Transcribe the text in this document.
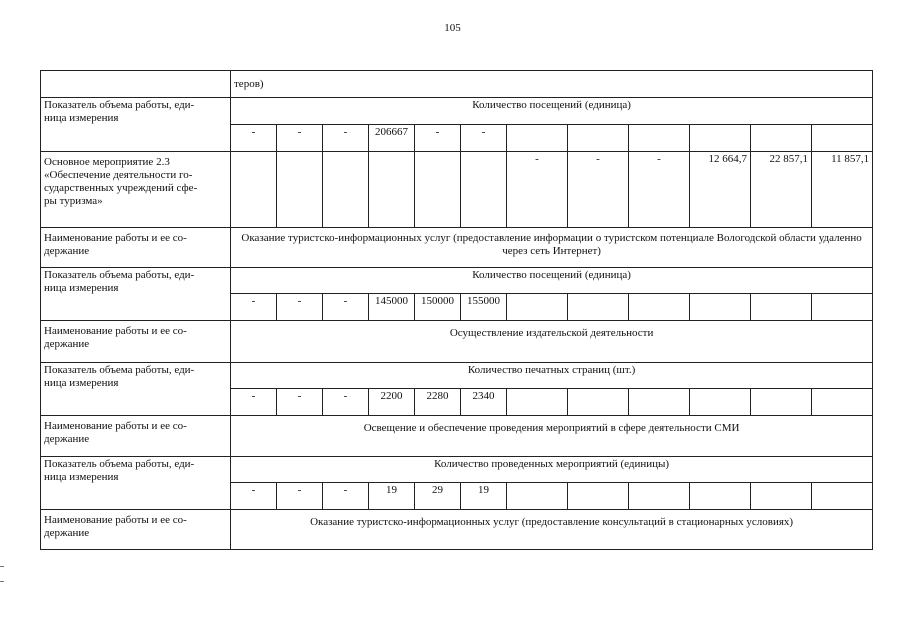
105
	теров)											
Показатель объема работы, еди-
ница измерения	Количество посещений (единица)											
	-	-	-	206667	-	-						
Основное мероприятие 2.3
«Обеспечение деятельности го-
сударственных учреждений сфе-
ры туризма»							-	-	-	12 664,7	22 857,1	11 857,1
Наименование работы и ее со-
держание	Оказание туристско-информационных услуг (предоставление информации о туристском потенциале Вологодской области удаленно через сеть Интернет)											
Показатель объема работы, еди-
ница измерения	Количество посещений (единица)											
	-	-	-	145000	150000	155000						
Наименование работы и ее со-
держание	Осуществление издательской деятельности											
Показатель объема работы, еди-
ница измерения	Количество печатных страниц (шт.)											
	-	-	-	2200	2280	2340						
Наименование работы и ее со-
держание	Освещение и обеспечение проведения мероприятий в сфере деятельности СМИ											
Показатель объема работы, еди-
ница измерения	Количество проведенных мероприятий (единицы)											
	-	-	-	19	29	19						
Наименование работы и ее со-
держание	Оказание туристско-информационных услуг (предоставление консультаций в стационарных условиях)											
